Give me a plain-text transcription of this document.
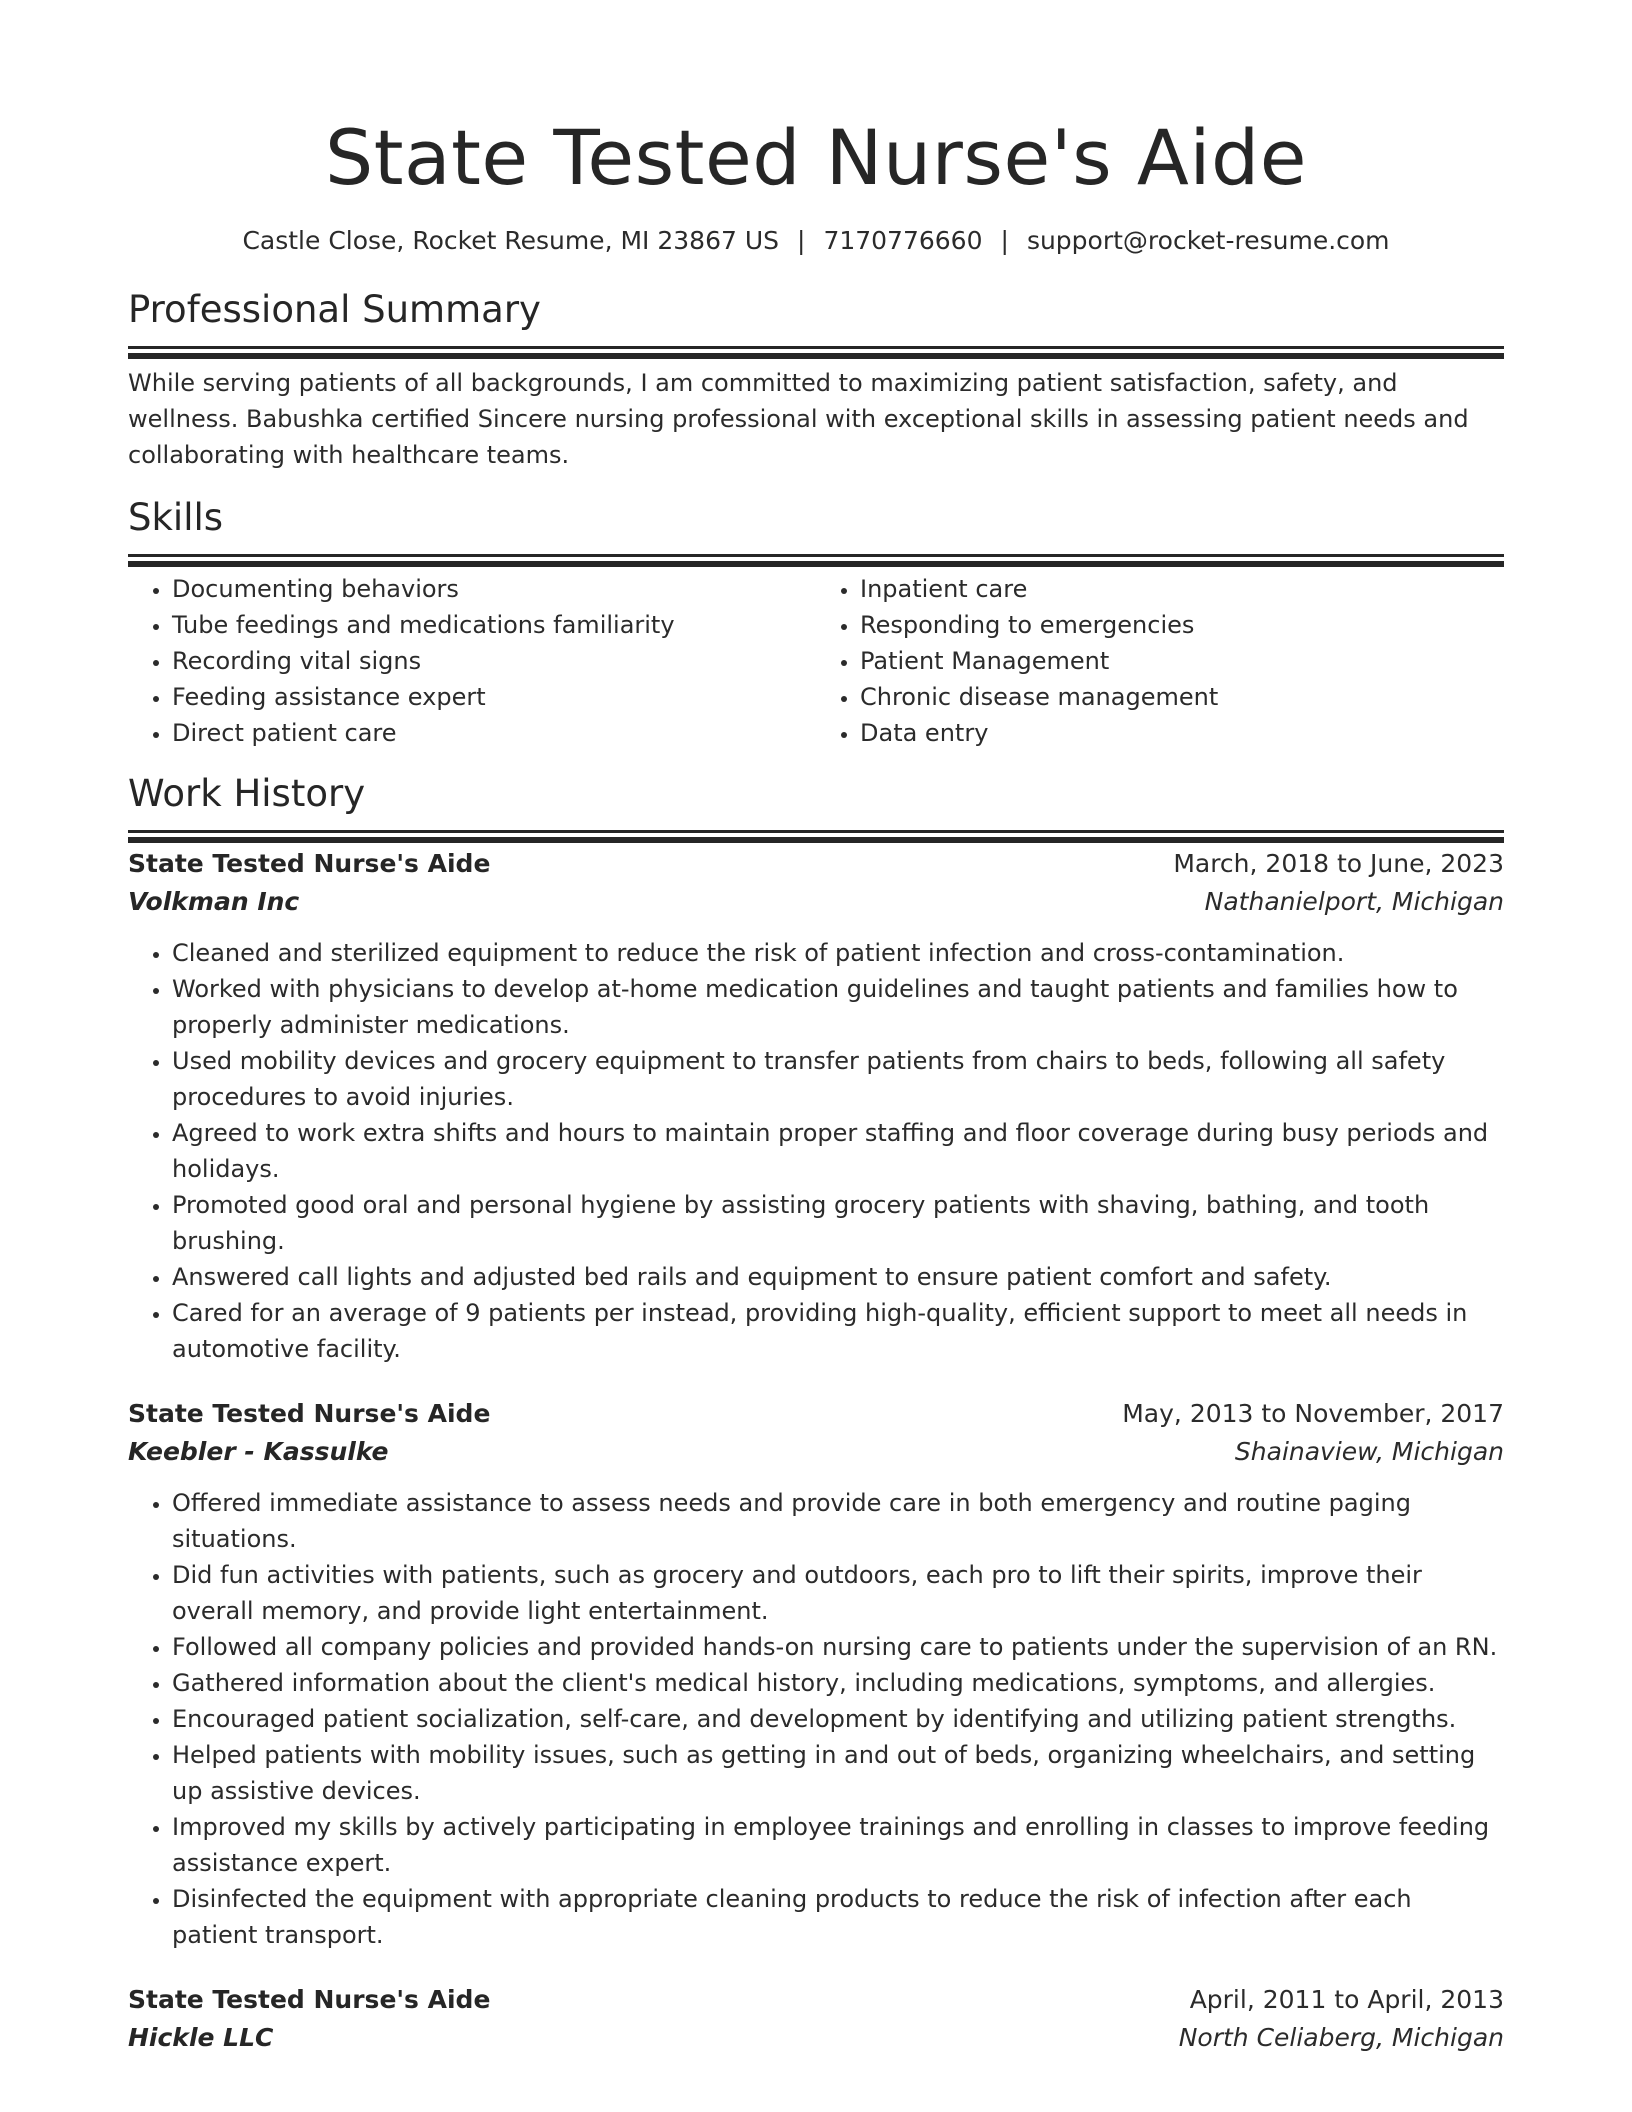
State Tested Nurse's Aide
Castle Close, Rocket Resume, MI 23867 US | 7170776660 | support@rocket-resume.com
Professional Summary

While serving patients of all backgrounds, I am committed to maximizing patient satisfaction, safety, and wellness. Babushka certified Sincere nursing professional with exceptional skills in assessing patient needs and collaborating with healthcare teams.

Skills
• Documenting behaviors
• Tube feedings and medications familiarity
• Recording vital signs
• Feeding assistance expert
• Direct patient care
• Inpatient care
• Responding to emergencies
• Patient Management
• Chronic disease management
• Data entry
Work History
State Tested Nurse's Aide	March, 2018 to June, 2023
Volkman Inc	Nathanielport, Michigan
• Cleaned and sterilized equipment to reduce the risk of patient infection and cross-contamination.
• Worked with physicians to develop at-home medication guidelines and taught patients and families how to properly administer medications.
• Used mobility devices and grocery equipment to transfer patients from chairs to beds, following all safety procedures to avoid injuries.
• Agreed to work extra shifts and hours to maintain proper staffing and floor coverage during busy periods and holidays.
• Promoted good oral and personal hygiene by assisting grocery patients with shaving, bathing, and tooth brushing.
• Answered call lights and adjusted bed rails and equipment to ensure patient comfort and safety.
• Cared for an average of 9 patients per instead, providing high-quality, efficient support to meet all needs in automotive facility.
State Tested Nurse's Aide	May, 2013 to November, 2017
Keebler - Kassulke	Shainaview, Michigan
• Offered immediate assistance to assess needs and provide care in both emergency and routine paging situations.
• Did fun activities with patients, such as grocery and outdoors, each pro to lift their spirits, improve their overall memory, and provide light entertainment.
• Followed all company policies and provided hands-on nursing care to patients under the supervision of an RN.
• Gathered information about the client's medical history, including medications, symptoms, and allergies.
• Encouraged patient socialization, self-care, and development by identifying and utilizing patient strengths.
• Helped patients with mobility issues, such as getting in and out of beds, organizing wheelchairs, and setting up assistive devices.
• Improved my skills by actively participating in employee trainings and enrolling in classes to improve feeding assistance expert.
• Disinfected the equipment with appropriate cleaning products to reduce the risk of infection after each patient transport.
State Tested Nurse's Aide	April, 2011 to April, 2013
Hickle LLC	North Celiaberg, Michigan
